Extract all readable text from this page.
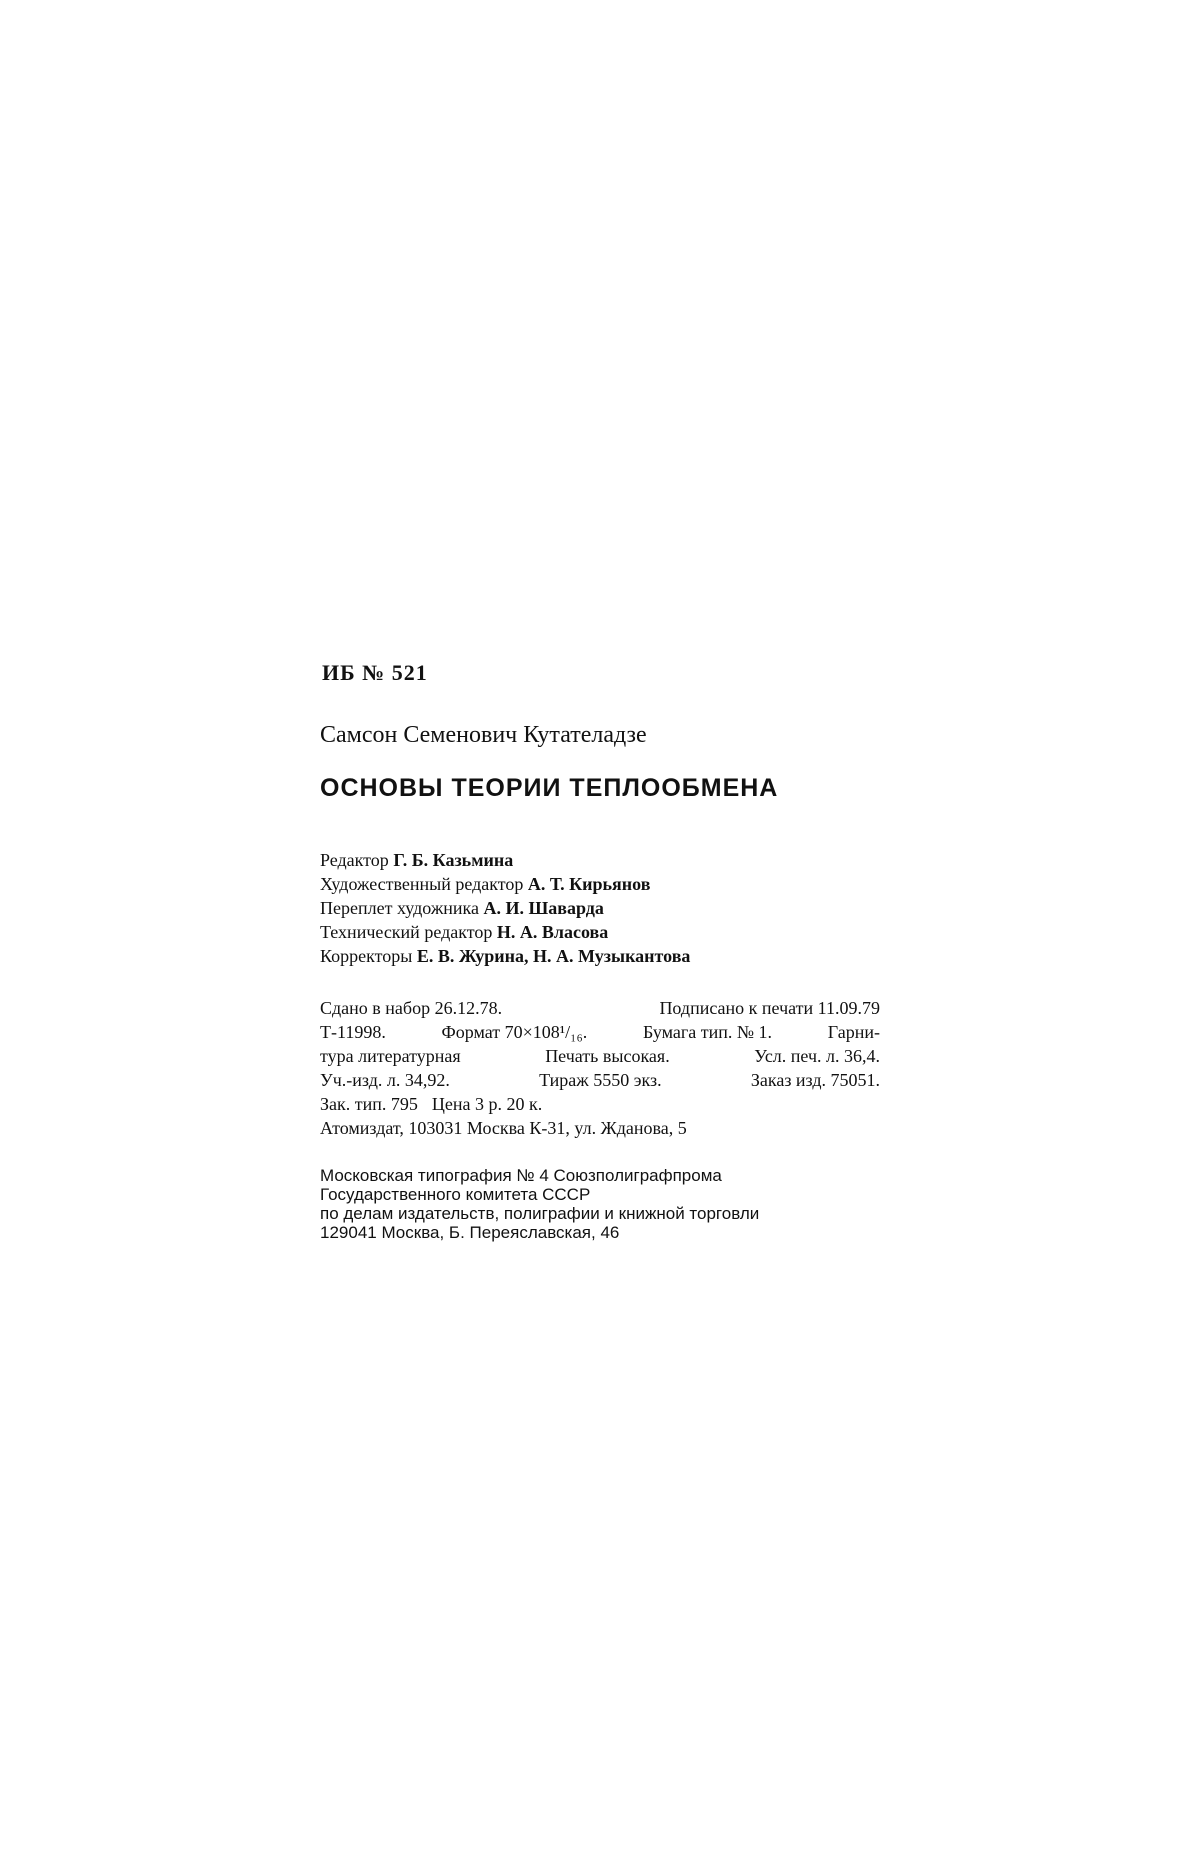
ИБ № 521
Самсон Семенович Кутателадзе
ОСНОВЫ ТЕОРИИ ТЕПЛООБМЕНА
Редактор Г. Б. Казьмина
Художественный редактор А. Т. Кирьянов
Переплет художника А. И. Шаварда
Технический редактор Н. А. Власова
Корректоры Е. В. Журина, Н. А. Музыкантова
Сдано в набор 26.12.78.	Подписано к печати 11.09.79
Т-11998.	Формат 70×108¹/₁₆.	Бумага тип. № 1.	Гарни-
тура литературная	Печать высокая.	Усл. печ. л. 36,4.
Уч.-изд. л. 34,92.	Тираж 5550 экз.	Заказ изд. 75051.
Зак. тип. 795 Цена 3 р. 20 к.
Атомиздат, 103031 Москва К-31, ул. Жданова, 5
Московская типография № 4 Союзполиграфпрома
Государственного комитета СССР
по делам издательств, полиграфии и книжной торговли
129041 Москва, Б. Переяславская, 46
